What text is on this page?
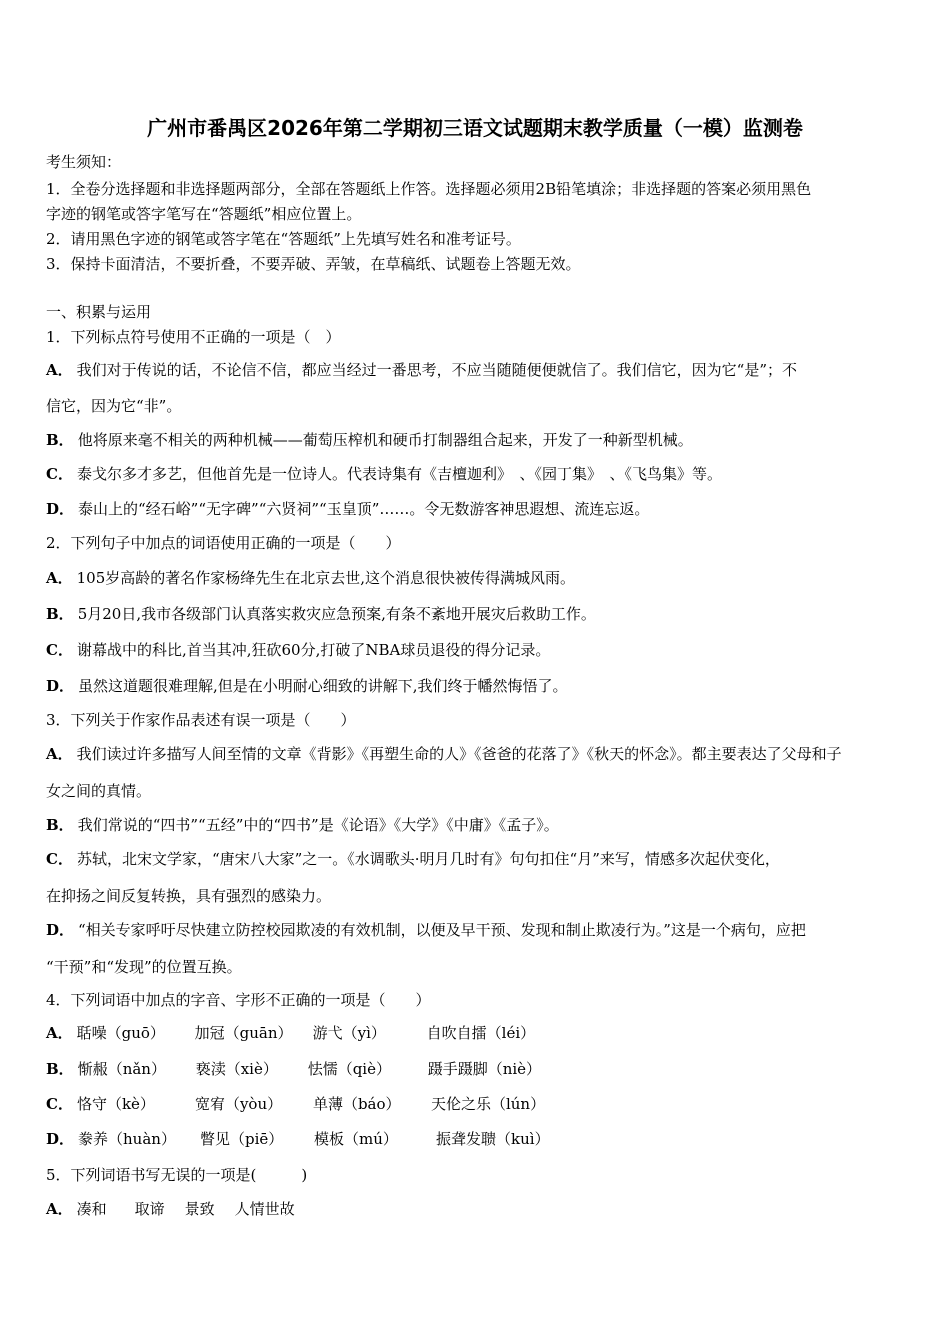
广州市番禺区2026年第二学期初三语文试题期末教学质量（一模）监测卷
考生须知：
1．全卷分选择题和非选择题两部分，全部在答题纸上作答。选择题必须用2B铅笔填涂；非选择题的答案必须用黑色
字迹的钢笔或答字笔写在“答题纸”相应位置上。
2．请用黑色字迹的钢笔或答字笔在“答题纸”上先填写姓名和准考证号。
3．保持卡面清洁，不要折叠，不要弄破、弄皱，在草稿纸、试题卷上答题无效。
一、积累与运用
1．下列标点符号使用不正确的一项是（　）
A． 我们对于传说的话，不论信不信，都应当经过一番思考，不应当随随便便就信了。我们信它，因为它“是”；不
信它，因为它“非”。
B． 他将原来毫不相关的两种机械——葡萄压榨机和硬币打制器组合起来，开发了一种新型机械。
C． 泰戈尔多才多艺，但他首先是一位诗人。代表诗集有《吉檀迦利》　、《园丁集》　、《飞鸟集》等。
D． 泰山上的“经石峪”“无字碑”“六贤祠”“玉皇顶”……。令无数游客神思遐想、流连忘返。
2．下列句子中加点的词语使用正确的一项是（　　）
A． 105岁高龄的著名作家杨绛先生在北京去世,这个消息很快被传得满城风雨。
B． 5月20日,我市各级部门认真落实救灾应急预案,有条不紊地开展灾后救助工作。
C． 谢幕战中的科比,首当其冲,狂砍60分,打破了NBA球员退役的得分记录。
D． 虽然这道题很难理解,但是在小明耐心细致的讲解下,我们终于幡然悔悟了。
3．下列关于作家作品表述有误一项是（　　）
A． 我们读过许多描写人间至情的文章《背影》《再塑生命的人》《爸爸的花落了》《秋天的怀念》。都主要表达了父母和子
女之间的真情。
B． 我们常说的“四书”“五经”中的“四书”是《论语》《大学》《中庸》《孟子》。
C． 苏轼，北宋文学家，“唐宋八大家”之一。《水调歌头·明月几时有》句句扣住“月”来写，情感多次起伏变化，
在抑扬之间反复转换，具有强烈的感染力。
D． “相关专家呼吁尽快建立防控校园欺凌的有效机制，以便及早干预、发现和制止欺凌行为。”这是一个病句，应把
“干预”和“发现”的位置互换。
4．下列词语中加点的字音、字形不正确的一项是（　　）
A． 聒噪（guō） 加冠（guān） 游弋（yì）	自吹自擂（léi）
B． 惭赧（nǎn） 亵渎（xiè） 怯懦（qiè） 蹑手蹑脚（niè）
C． 恪守（kè）	宽宥（yòu） 单薄（báo） 天伦之乐（lún）
D． 豢养（huàn） 瞥见（piē） 模板（mú）	振聋发聩（kuì）
5．下列词语书写无误的一项是(　　　)
A． 凑和 取谛 景致 人情世故
